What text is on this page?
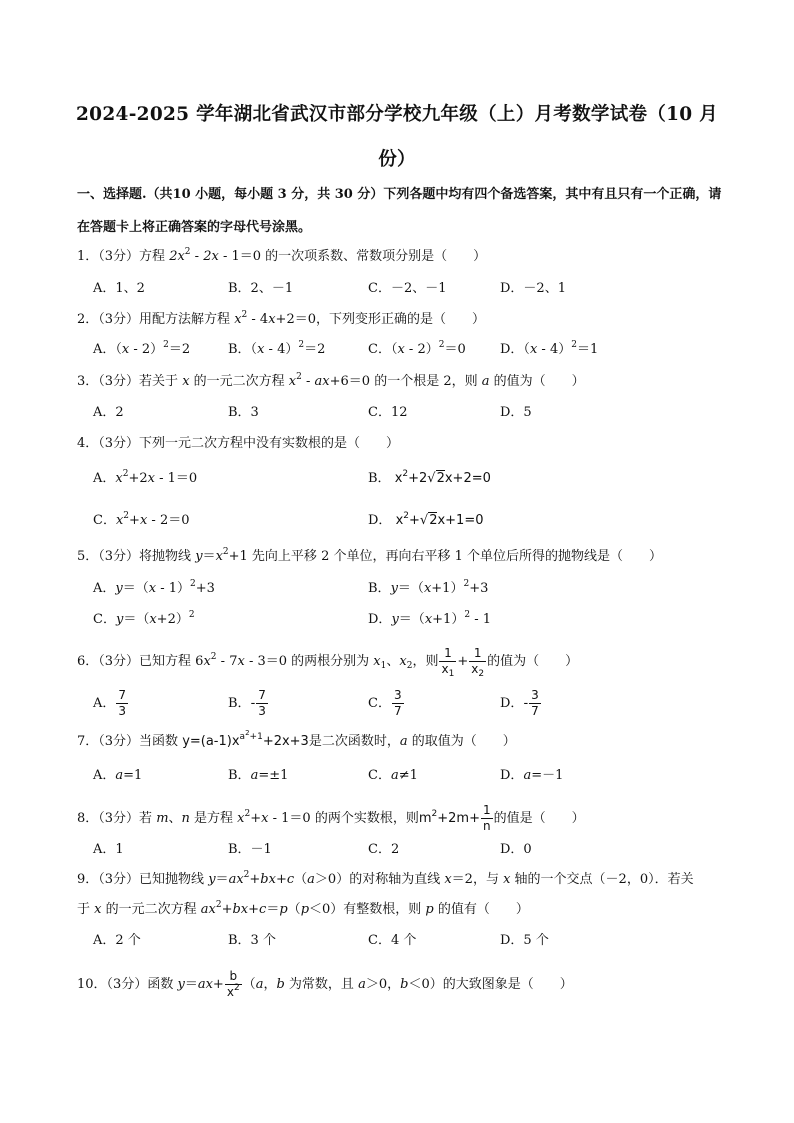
2024-2025 学年湖北省武汉市部分学校九年级（上）月考数学试卷（10 月
份）
一、选择题.（共10 小题，每小题 3 分，共 30 分）下列各题中均有四个备选答案，其中有且只有一个正确，请在答题卡上将正确答案的字母代号涂黑。
1．（3分）方程 $2x^2 - 2x - 1=0$ 的一次项系数、常数项分别是（　　）
A．1、2	B．2、－1	C．－2、－1	D．－2、1
2．（3分）用配方法解方程 $x^2 - 4x+2=0$，下列变形正确的是（　　）
A．（x - 2）$^2$＝2	B．（x - 4）$^2$＝2	C．（x - 2）$^2$＝0	D．（x - 4）$^2$＝1
3．（3分）若关于 x 的一元二次方程 $x^2 - ax+6=0$ 的一个根是 2，则 a 的值为（　　）
A．2	B．3	C．12	D．5
4．（3分）下列一元二次方程中没有实数根的是（　　）
A．$x^2+2x - 1=0$	B． $x^2+2√2x+2=0$
C．$x^2+x - 2=0$	D． $x^2+√2x+1=0$
5．（3分）将抛物线 $y=x^2+1$ 先向上平移 2 个单位，再向右平移 1 个单位后所得的抛物线是（　　）
A．y＝（x - 1）$^2$+3	B．$y=(x+1)^2+3$
C．$y=(x+2)^2$	D．$y=(x+1)^2 - 1$
6．（3分）已知方程 $6x^2 - 7x - 3=0$ 的两根分别为 $x_1$、$x_2$，则 $\frac{1}{x_1} + \frac{1}{x_2}$ 的值为（　　）
A． $\frac{7}{3}$	B．- $\frac{7}{3}$	C． $\frac{3}{7}$	D．- $\frac{3}{7}$
7．（3分）当函数 $y=(a-1)x^{a^2+1}+2x+3$是二次函数时，a 的取值为（　　）
A．a=1	B．a=±1	C．a≠1	D．a=－1
8．（3分）若 m、n 是方程 $x^2+x - 1=0$ 的两个实数根，则$m^2+2m+ \frac{1}{n}$ 的值是（　　）
A．1	B．－1	C．2	D．0
9．（3分）已知抛物线 $y=ax^2+bx+c(a>0)$的对称轴为直线 x＝2，与 x 轴的一个交点（－2，0）．若关
于 x 的一元二次方程 $ax^2+bx+c=p(p<0)$有整数根，则 p 的值有（　　）
A．2 个	B．3 个	C．4 个	D．5 个
10．（3分）函数 $y=ax+ \frac{b}{x^2} (a$，b 为常数，且 a＞0，b＜0）的大致图象是（　　）
